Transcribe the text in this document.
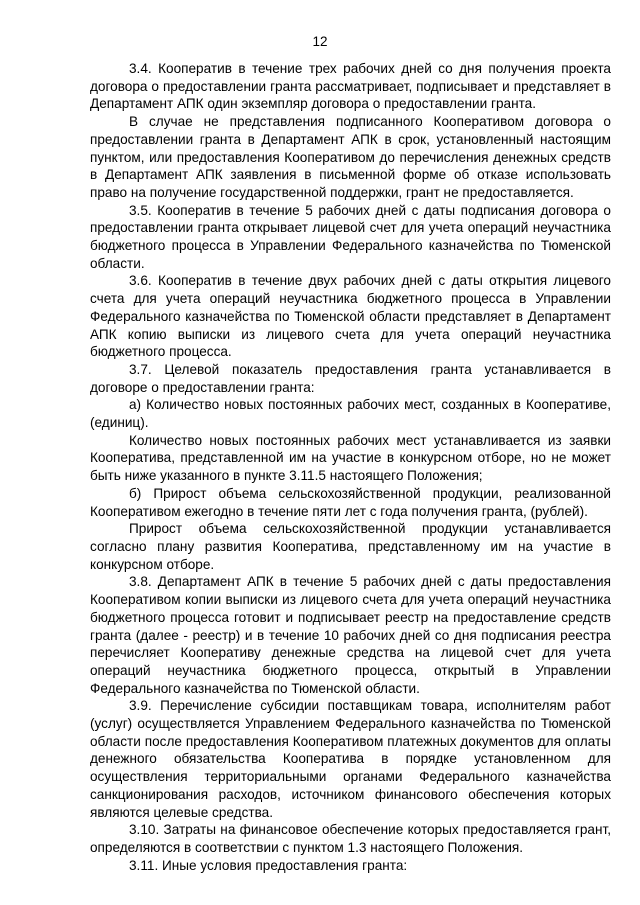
12

3.4. Кооператив в течение трех рабочих дней со дня получения проекта договора о предоставлении гранта рассматривает, подписывает и представляет в Департамент АПК один экземпляр договора о предоставлении гранта.

В случае не представления подписанного Кооперативом договора о предоставлении гранта в Департамент АПК в срок, установленный настоящим пунктом, или предоставления Кооперативом до перечисления денежных средств в Департамент АПК заявления в письменной форме об отказе использовать право на получение государственной поддержки, грант не предоставляется.

3.5. Кооператив в течение 5 рабочих дней с даты подписания договора о предоставлении гранта открывает лицевой счет для учета операций неучастника бюджетного процесса в Управлении Федерального казначейства по Тюменской области.

3.6. Кооператив в течение двух рабочих дней с даты открытия лицевого счета для учета операций неучастника бюджетного процесса в Управлении Федерального казначейства по Тюменской области представляет в Департамент АПК копию выписки из лицевого счета для учета операций неучастника бюджетного процесса.

3.7. Целевой показатель предоставления гранта устанавливается в договоре о предоставлении гранта:

а) Количество новых постоянных рабочих мест, созданных в Кооперативе, (единиц).

Количество новых постоянных рабочих мест устанавливается из заявки Кооператива, представленной им на участие в конкурсном отборе, но не может быть ниже указанного в пункте 3.11.5 настоящего Положения;

б) Прирост объема сельскохозяйственной продукции, реализованной Кооперативом ежегодно в течение пяти лет с года получения гранта, (рублей).

Прирост объема сельскохозяйственной продукции устанавливается согласно плану развития Кооператива, представленному им на участие в конкурсном отборе.

3.8. Департамент АПК в течение 5 рабочих дней с даты предоставления Кооперативом копии выписки из лицевого счета для учета операций неучастника бюджетного процесса готовит и подписывает реестр на предоставление средств гранта (далее - реестр) и в течение 10 рабочих дней со дня подписания реестра перечисляет Кооперативу денежные средства на лицевой счет для учета операций неучастника бюджетного процесса, открытый в Управлении Федерального казначейства по Тюменской области.

3.9. Перечисление субсидии поставщикам товара, исполнителям работ (услуг) осуществляется Управлением Федерального казначейства по Тюменской области после предоставления Кооперативом платежных документов для оплаты денежного обязательства Кооператива в порядке установленном для осуществления территориальными органами Федерального казначейства санкционирования расходов, источником финансового обеспечения которых являются целевые средства.

3.10. Затраты на финансовое обеспечение которых предоставляется грант, определяются в соответствии с пунктом 1.3 настоящего Положения.

3.11. Иные условия предоставления гранта:
